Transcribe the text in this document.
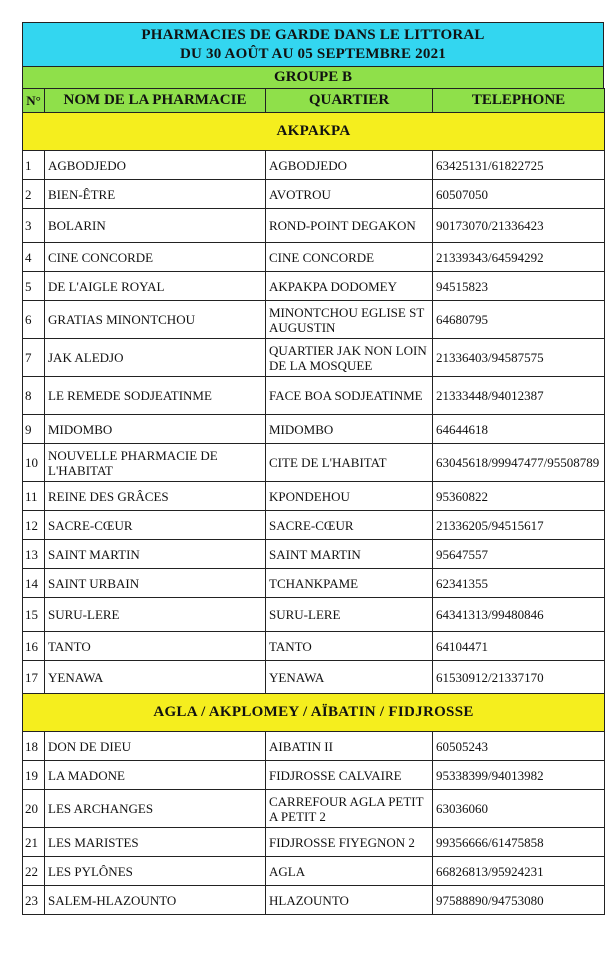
PHARMACIES DE GARDE DANS LE LITTORAL
DU 30 AOÛT AU 05 SEPTEMBRE 2021
GROUPE B
N°	NOM DE LA PHARMACIE	QUARTIER	TELEPHONE
AKPAKPA			
1	AGBODJEDO	AGBODJEDO	63425131/61822725
2	BIEN-ÊTRE	AVOTROU	60507050
3	BOLARIN	ROND-POINT DEGAKON	90173070/21336423
4	CINE CONCORDE	CINE CONCORDE	21339343/64594292
5	DE L'AIGLE ROYAL	AKPAKPA DODOMEY	94515823
6	GRATIAS MINONTCHOU	MINONTCHOU EGLISE ST AUGUSTIN	64680795
7	JAK ALEDJO	QUARTIER JAK NON LOIN DE LA MOSQUEE	21336403/94587575
8	LE REMEDE SODJEATINME	FACE BOA SODJEATINME	21333448/94012387
9	MIDOMBO	MIDOMBO	64644618
10	NOUVELLE PHARMACIE DE L'HABITAT	CITE DE L'HABITAT	63045618/99947477/95508789
11	REINE DES GRÂCES	KPONDEHOU	95360822
12	SACRE-CŒUR	SACRE-CŒUR	21336205/94515617
13	SAINT MARTIN	SAINT MARTIN	95647557
14	SAINT URBAIN	TCHANKPAME	62341355
15	SURU-LERE	SURU-LERE	64341313/99480846
16	TANTO	TANTO	64104471
17	YENAWA	YENAWA	61530912/21337170
AGLA / AKPLOMEY / AÏBATIN / FIDJROSSE			
18	DON DE DIEU	AIBATIN II	60505243
19	LA MADONE	FIDJROSSE CALVAIRE	95338399/94013982
20	LES ARCHANGES	CARREFOUR AGLA PETIT A PETIT 2	63036060
21	LES MARISTES	FIDJROSSE FIYEGNON 2	99356666/61475858
22	LES PYLÔNES	AGLA	66826813/95924231
23	SALEM-HLAZOUNTO	HLAZOUNTO	97588890/94753080
